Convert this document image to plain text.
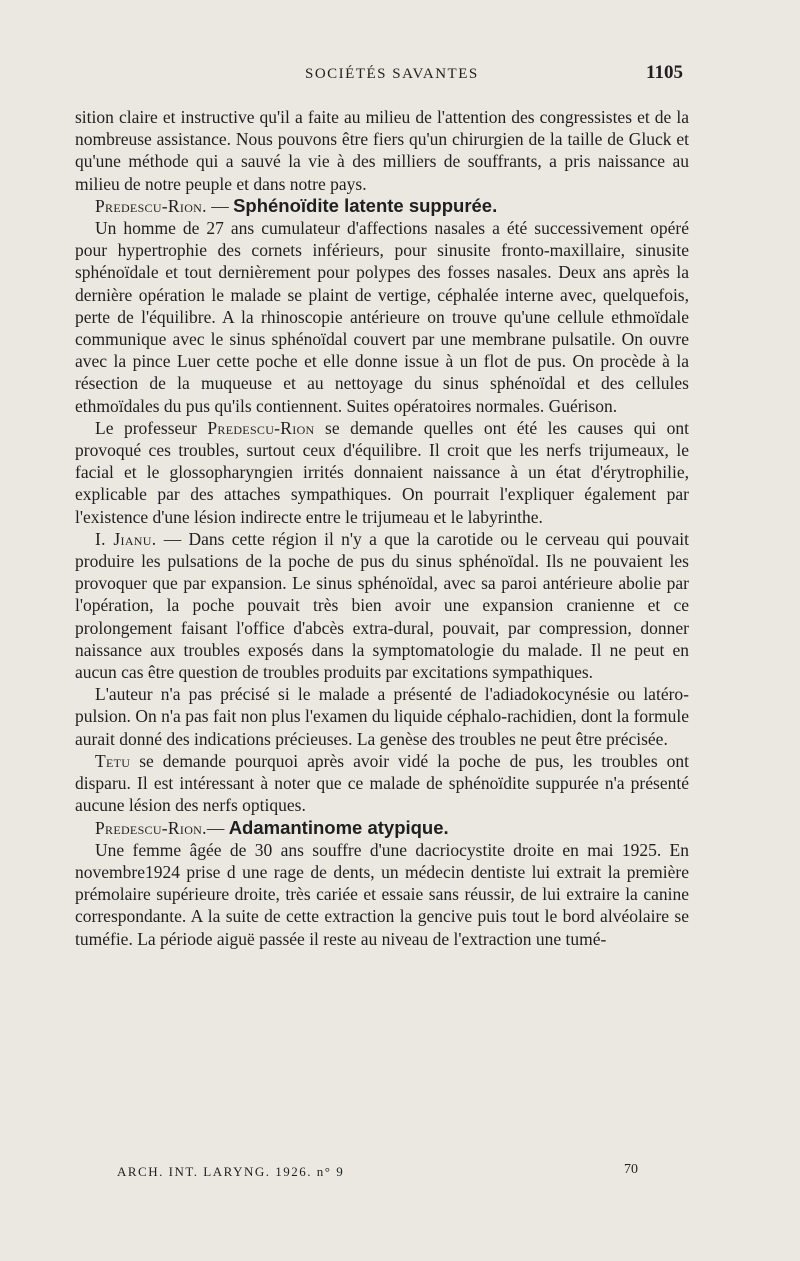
SOCIÉTÉS SAVANTES	1105

sition claire et instructive qu'il a faite au milieu de l'attention des congressistes et de la nombreuse assistance. Nous pouvons être fiers qu'un chirurgien de la taille de Gluck et qu'une méthode qui a sauvé la vie à des milliers de souffrants, a pris naissance au milieu de notre peuple et dans notre pays.

Predescu-Rion. — Sphénoïdite latente suppurée.

Un homme de 27 ans cumulateur d'affections nasales a été successivement opéré pour hypertrophie des cornets inférieurs, pour sinusite fronto-maxillaire, sinusite sphénoïdale et tout dernièrement pour polypes des fosses nasales. Deux ans après la dernière opération le malade se plaint de vertige, céphalée interne avec, quelquefois, perte de l'équilibre. A la rhinoscopie antérieure on trouve qu'une cellule ethmoïdale communique avec le sinus sphénoïdal couvert par une membrane pulsatile. On ouvre avec la pince Luer cette poche et elle donne issue à un flot de pus. On procède à la résection de la muqueuse et au nettoyage du sinus sphénoïdal et des cellules ethmoïdales du pus qu'ils contiennent. Suites opératoires normales. Guérison.

Le professeur Predescu-Rion se demande quelles ont été les causes qui ont provoqué ces troubles, surtout ceux d'équilibre. Il croit que les nerfs trijumeaux, le facial et le glossopharyngien irrités donnaient naissance à un état d'érytrophilie, explicable par des attaches sympathiques. On pourrait l'expliquer également par l'existence d'une lésion indirecte entre le trijumeau et le labyrinthe.

I. Jianu. — Dans cette région il n'y a que la carotide ou le cerveau qui pouvait produire les pulsations de la poche de pus du sinus sphénoïdal. Ils ne pouvaient les provoquer que par expansion. Le sinus sphénoïdal, avec sa paroi antérieure abolie par l'opération, la poche pouvait très bien avoir une expansion cranienne et ce prolongement faisant l'office d'abcès extra-dural, pouvait, par compression, donner naissance aux troubles exposés dans la symptomatologie du malade. Il ne peut en aucun cas être question de troubles produits par excitations sympathiques.

L'auteur n'a pas précisé si le malade a présenté de l'adiadokocynésie ou latéro-pulsion. On n'a pas fait non plus l'examen du liquide céphalo-rachidien, dont la formule aurait donné des indications précieuses. La genèse des troubles ne peut être précisée.

Tetu se demande pourquoi après avoir vidé la poche de pus, les troubles ont disparu. Il est intéressant à noter que ce malade de sphénoïdite suppurée n'a présenté aucune lésion des nerfs optiques.

Predescu-Rion.— Adamantinome atypique.

Une femme âgée de 30 ans souffre d'une dacriocystite droite en mai 1925. En novembre1924 prise d une rage de dents, un médecin dentiste lui extrait la première prémolaire supérieure droite, très cariée et essaie sans réussir, de lui extraire la canine correspondante. A la suite de cette extraction la gencive puis tout le bord alvéolaire se tuméfie. La période aiguë passée il reste au niveau de l'extraction une tumé-

ARCH. INT. LARYNG. 1926. n° 9	70
